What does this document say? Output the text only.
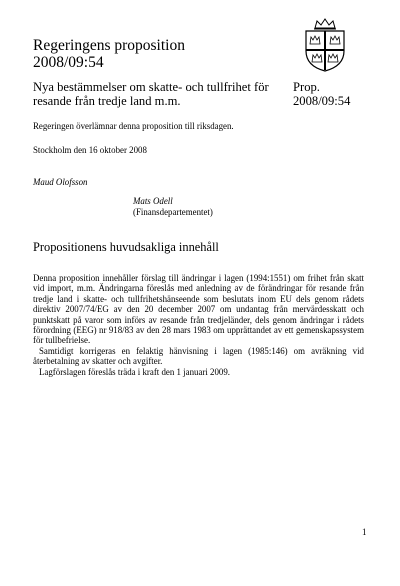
Regeringens proposition
2008/09:54
Nya bestämmelser om skatte- och tullfrihet för
resande från tredje land m.m.
Prop.
2008/09:54
Regeringen överlämnar denna proposition till riksdagen.
Stockholm den 16 oktober 2008
Maud Olofsson
Mats Odell
(Finansdepartementet)
Propositionens huvudsakliga innehåll

Denna proposition innehåller förslag till ändringar i lagen (1994:1551) om frihet från skatt vid import, m.m. Ändringarna föreslås med anledning av de förändringar för resande från tredje land i skatte- och tullfrihetshänseende som beslutats inom EU dels genom rådets direktiv 2007/74/EG av den 20 december 2007 om undantag från mervärdesskatt och punktskatt på varor som införs av resande från tredjeländer, dels genom ändringar i rådets förordning (EEG) nr 918/83 av den 28 mars 1983 om upprättandet av ett gemenskapssystem för tullbefrielse.

Samtidigt korrigeras en felaktig hänvisning i lagen (1985:146) om avräkning vid återbetalning av skatter och avgifter.

Lagförslagen föreslås träda i kraft den 1 januari 2009.

1
